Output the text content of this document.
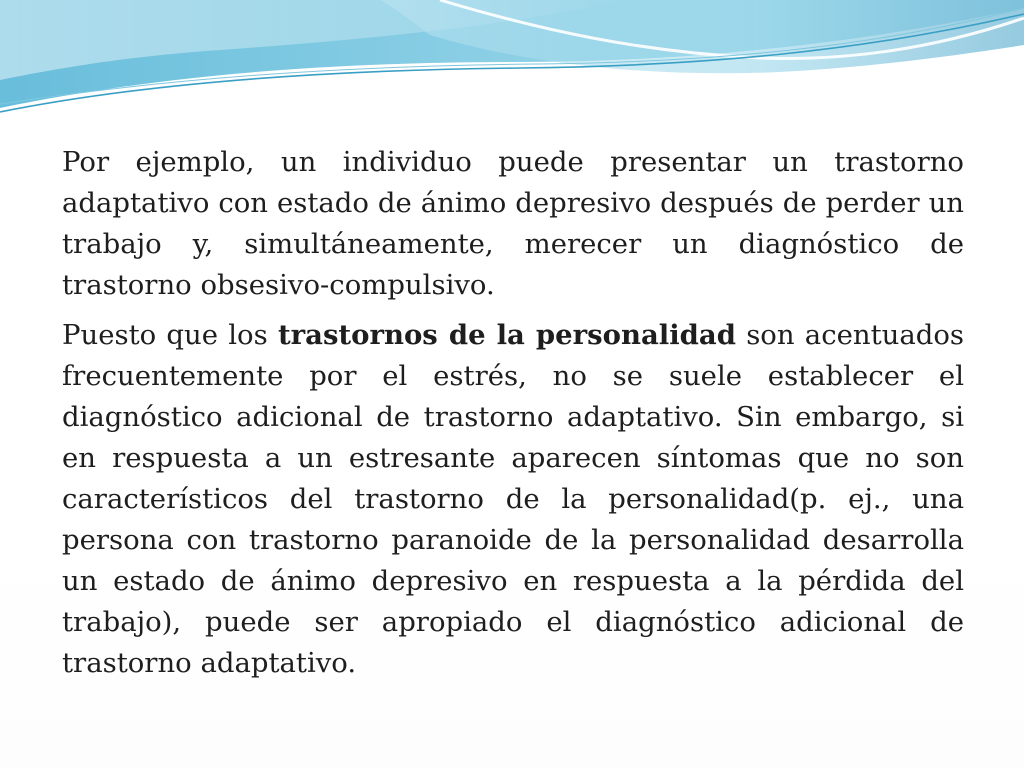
Por ejemplo, un individuo puede presentar un trastorno adaptativo con estado de ánimo depresivo después de perder un trabajo y, simultáneamente, merecer un diagnóstico de trastorno obsesivo-compulsivo.

Puesto que los trastornos de la personalidad son acentuados frecuentemente por el estrés, no se suele establecer el diagnóstico adicional de trastorno adaptativo. Sin embargo, si en respuesta a un estresante aparecen síntomas que no son característicos del trastorno de la personalidad(p. ej., una persona con trastorno paranoide de la personalidad desarrolla un estado de ánimo depresivo en respuesta a la pérdida del trabajo), puede ser apropiado el diagnóstico adicional de trastorno adaptativo.
